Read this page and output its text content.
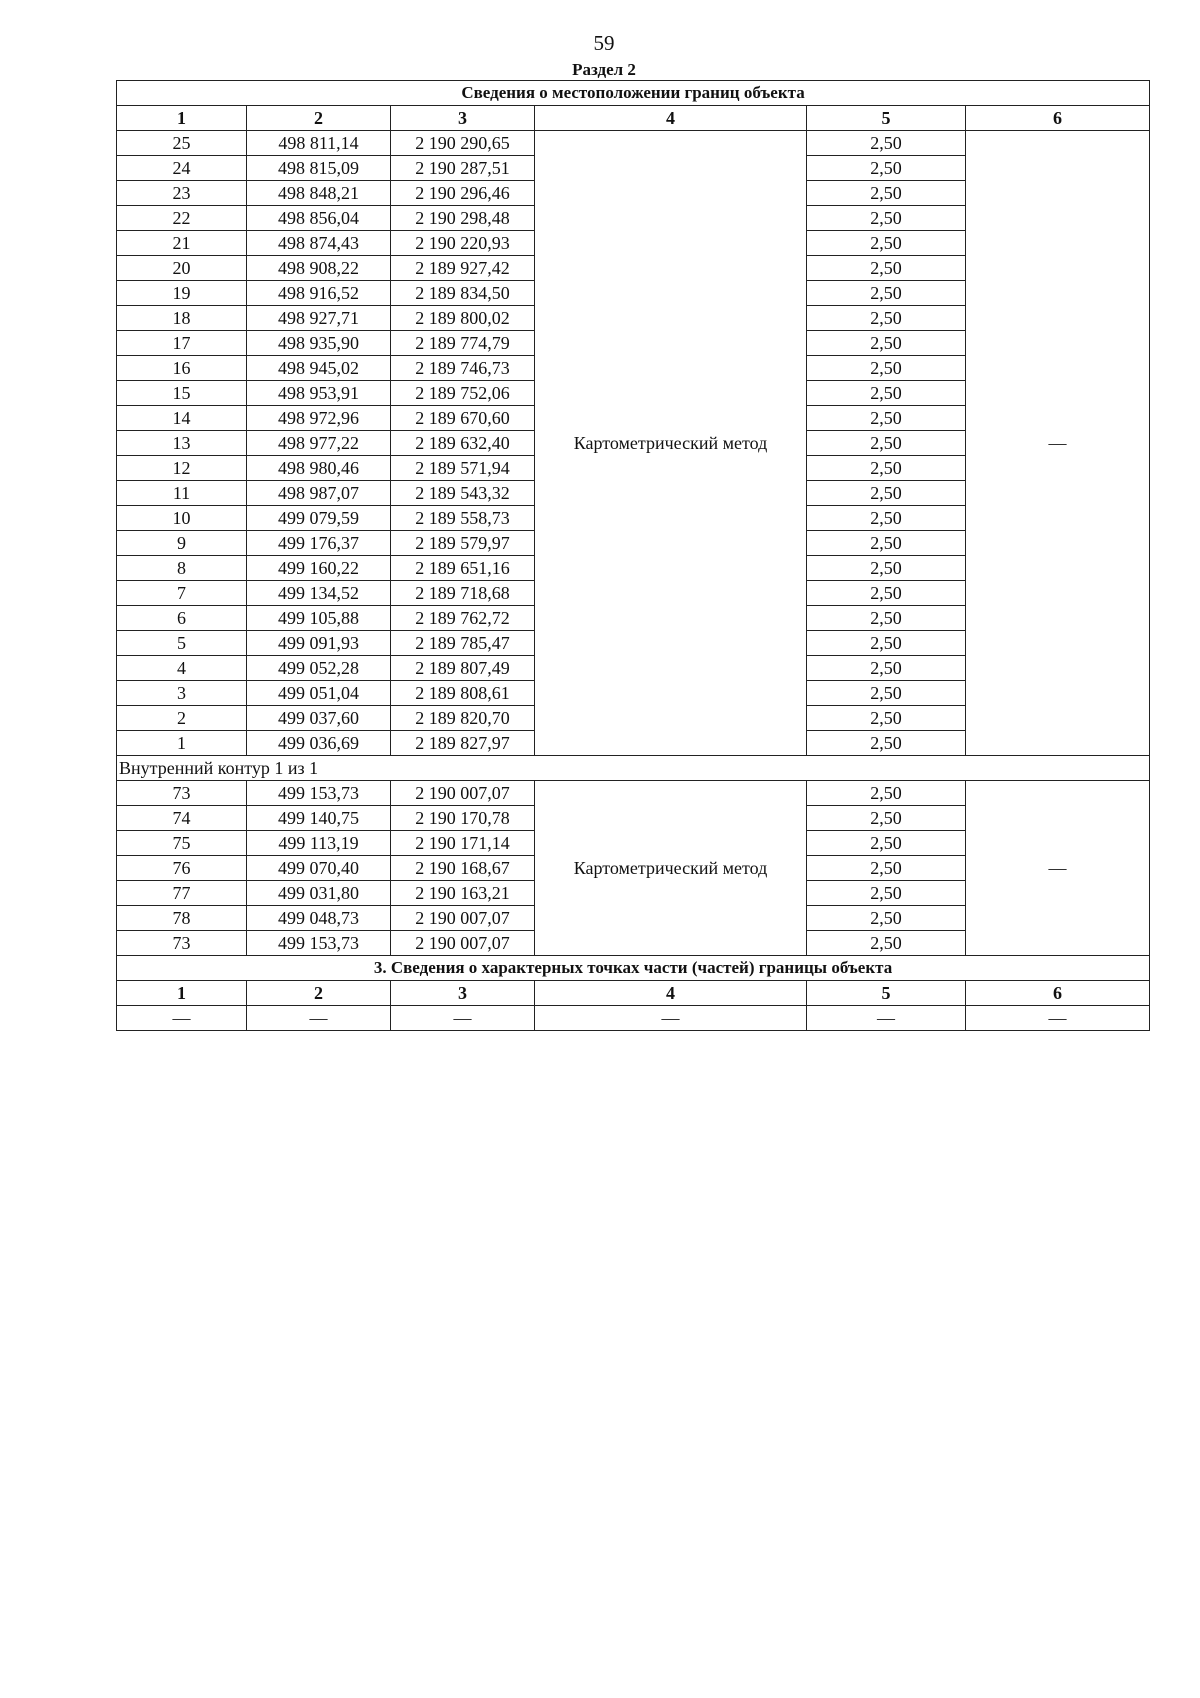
59
Раздел 2
Сведения о местоположении границ объекта					
1	2	3	4	5	6
25	498 811,14	2 190 290,65	Картометрический метод	2,50	—
24	498 815,09	2 190 287,51		2,50	
23	498 848,21	2 190 296,46		2,50	
22	498 856,04	2 190 298,48		2,50	
21	498 874,43	2 190 220,93		2,50	
20	498 908,22	2 189 927,42		2,50	
19	498 916,52	2 189 834,50		2,50	
18	498 927,71	2 189 800,02		2,50	
17	498 935,90	2 189 774,79		2,50	
16	498 945,02	2 189 746,73		2,50	
15	498 953,91	2 189 752,06		2,50	
14	498 972,96	2 189 670,60		2,50	
13	498 977,22	2 189 632,40		2,50	
12	498 980,46	2 189 571,94		2,50	
11	498 987,07	2 189 543,32		2,50	
10	499 079,59	2 189 558,73		2,50	
9	499 176,37	2 189 579,97		2,50	
8	499 160,22	2 189 651,16		2,50	
7	499 134,52	2 189 718,68		2,50	
6	499 105,88	2 189 762,72		2,50	
5	499 091,93	2 189 785,47		2,50	
4	499 052,28	2 189 807,49		2,50	
3	499 051,04	2 189 808,61		2,50	
2	499 037,60	2 189 820,70		2,50	
1	499 036,69	2 189 827,97		2,50	
Внутренний контур 1 из 1					
73	499 153,73	2 190 007,07	Картометрический метод	2,50	—
74	499 140,75	2 190 170,78		2,50	
75	499 113,19	2 190 171,14		2,50	
76	499 070,40	2 190 168,67		2,50	
77	499 031,80	2 190 163,21		2,50	
78	499 048,73	2 190 007,07		2,50	
73	499 153,73	2 190 007,07		2,50	
3. Сведения о характерных точках части (частей) границы объекта					
1	2	3	4	5	6
—	—	—	—	—	—
